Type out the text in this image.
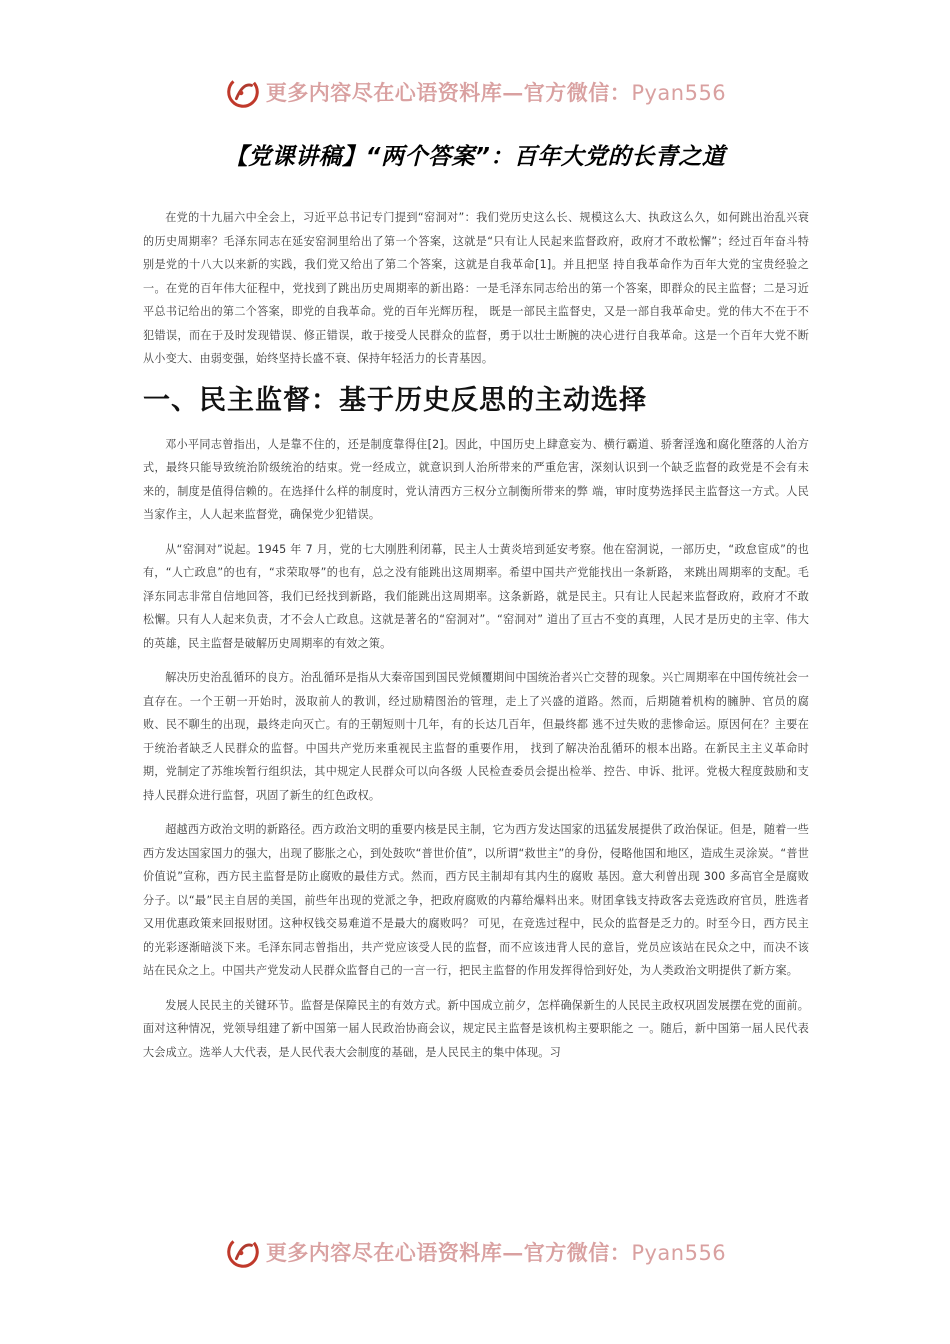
更多内容尽在心语资料库—官方微信：Pyan556
【党课讲稿】“两个答案”：百年大党的长青之道

在党的十九届六中全会上，习近平总书记专门提到“窑洞对”：我们党历史这么长、规模这么大、执政这么久，如何跳出治乱兴衰的历史周期率？毛泽东同志在延安窑洞里给出了第一个答案，这就是“只有让人民起来监督政府，政府才不敢松懈”；经过百年奋斗特别是党的十八大以来新的实践，我们党又给出了第二个答案，这就是自我革命[1]。并且把坚 持自我革命作为百年大党的宝贵经验之一。在党的百年伟大征程中，党找到了跳出历史周期率的新出路：一是毛泽东同志给出的第一个答案，即群众的民主监督；二是习近平总书记给出的第二个答案，即党的自我革命。党的百年光辉历程， 既是一部民主监督史，又是一部自我革命史。党的伟大不在于不犯错误，而在于及时发现错误、修正错误，敢于接受人民群众的监督，勇于以壮士断腕的决心进行自我革命。这是一个百年大党不断从小变大、由弱变强，始终坚持长盛不衰、保持年轻活力的长青基因。

一、民主监督：基于历史反思的主动选择

邓小平同志曾指出，人是靠不住的，还是制度靠得住[2]。因此，中国历史上肆意妄为、横行霸道、骄奢淫逸和腐化堕落的人治方式，最终只能导致统治阶级统治的结束。党一经成立，就意识到人治所带来的严重危害，深刻认识到一个缺乏监督的政党是不会有未来的，制度是值得信赖的。在选择什么样的制度时，党认清西方三权分立制衡所带来的弊 端，审时度势选择民主监督这一方式。人民当家作主，人人起来监督党，确保党少犯错误。

从“窑洞对”说起。1945 年 7 月，党的七大刚胜利闭幕，民主人士黄炎培到延安考察。他在窑洞说，一部历史，“政怠宦成”的也有，“人亡政息”的也有，“求荣取辱”的也有，总之没有能跳出这周期率。希望中国共产党能找出一条新路， 来跳出周期率的支配。毛泽东同志非常自信地回答，我们已经找到新路，我们能跳出这周期率。这条新路，就是民主。只有让人民起来监督政府，政府才不敢松懈。只有人人起来负责，才不会人亡政息。这就是著名的“窑洞对”。“窑洞对” 道出了亘古不变的真理，人民才是历史的主宰、伟大的英雄，民主监督是破解历史周期率的有效之策。

解决历史治乱循环的良方。治乱循环是指从大秦帝国到国民党倾覆期间中国统治者兴亡交替的现象。兴亡周期率在中国传统社会一直存在。一个王朝一开始时，汲取前人的教训，经过励精图治的管理，走上了兴盛的道路。然而，后期随着机构的臃肿、官员的腐败、民不聊生的出现，最终走向灭亡。有的王朝短则十几年，有的长达几百年，但最终都 逃不过失败的悲惨命运。原因何在？主要在于统治者缺乏人民群众的监督。中国共产党历来重视民主监督的重要作用， 找到了解决治乱循环的根本出路。在新民主主义革命时期，党制定了苏维埃暂行组织法，其中规定人民群众可以向各级 人民检查委员会提出检举、控告、申诉、批评。党极大程度鼓励和支持人民群众进行监督，巩固了新生的红色政权。

超越西方政治文明的新路径。西方政治文明的重要内核是民主制，它为西方发达国家的迅猛发展提供了政治保证。但是，随着一些西方发达国家国力的强大，出现了膨胀之心，到处鼓吹“普世价值”，以所谓“救世主”的身份，侵略他国和地区，造成生灵涂炭。“普世价值说”宣称，西方民主监督是防止腐败的最佳方式。然而，西方民主制却有其内生的腐败 基因。意大利曾出现 300 多高官全是腐败分子。以“最”民主自居的美国，前些年出现的党派之争，把政府腐败的内幕给爆料出来。财团拿钱支持政客去竞选政府官员，胜选者又用优惠政策来回报财团。这种权钱交易难道不是最大的腐败吗？ 可见，在竞选过程中，民众的监督是乏力的。时至今日，西方民主的光彩逐渐暗淡下来。毛泽东同志曾指出，共产党应该受人民的监督，而不应该违背人民的意旨，党员应该站在民众之中，而决不该站在民众之上。中国共产党发动人民群众监督自己的一言一行，把民主监督的作用发挥得恰到好处，为人类政治文明提供了新方案。

发展人民民主的关键环节。监督是保障民主的有效方式。新中国成立前夕，怎样确保新生的人民民主政权巩固发展摆在党的面前。面对这种情况，党领导组建了新中国第一届人民政治协商会议，规定民主监督是该机构主要职能之 一。随后，新中国第一届人民代表大会成立。选举人大代表，是人民代表大会制度的基础，是人民民主的集中体现。习

更多内容尽在心语资料库—官方微信：Pyan556
